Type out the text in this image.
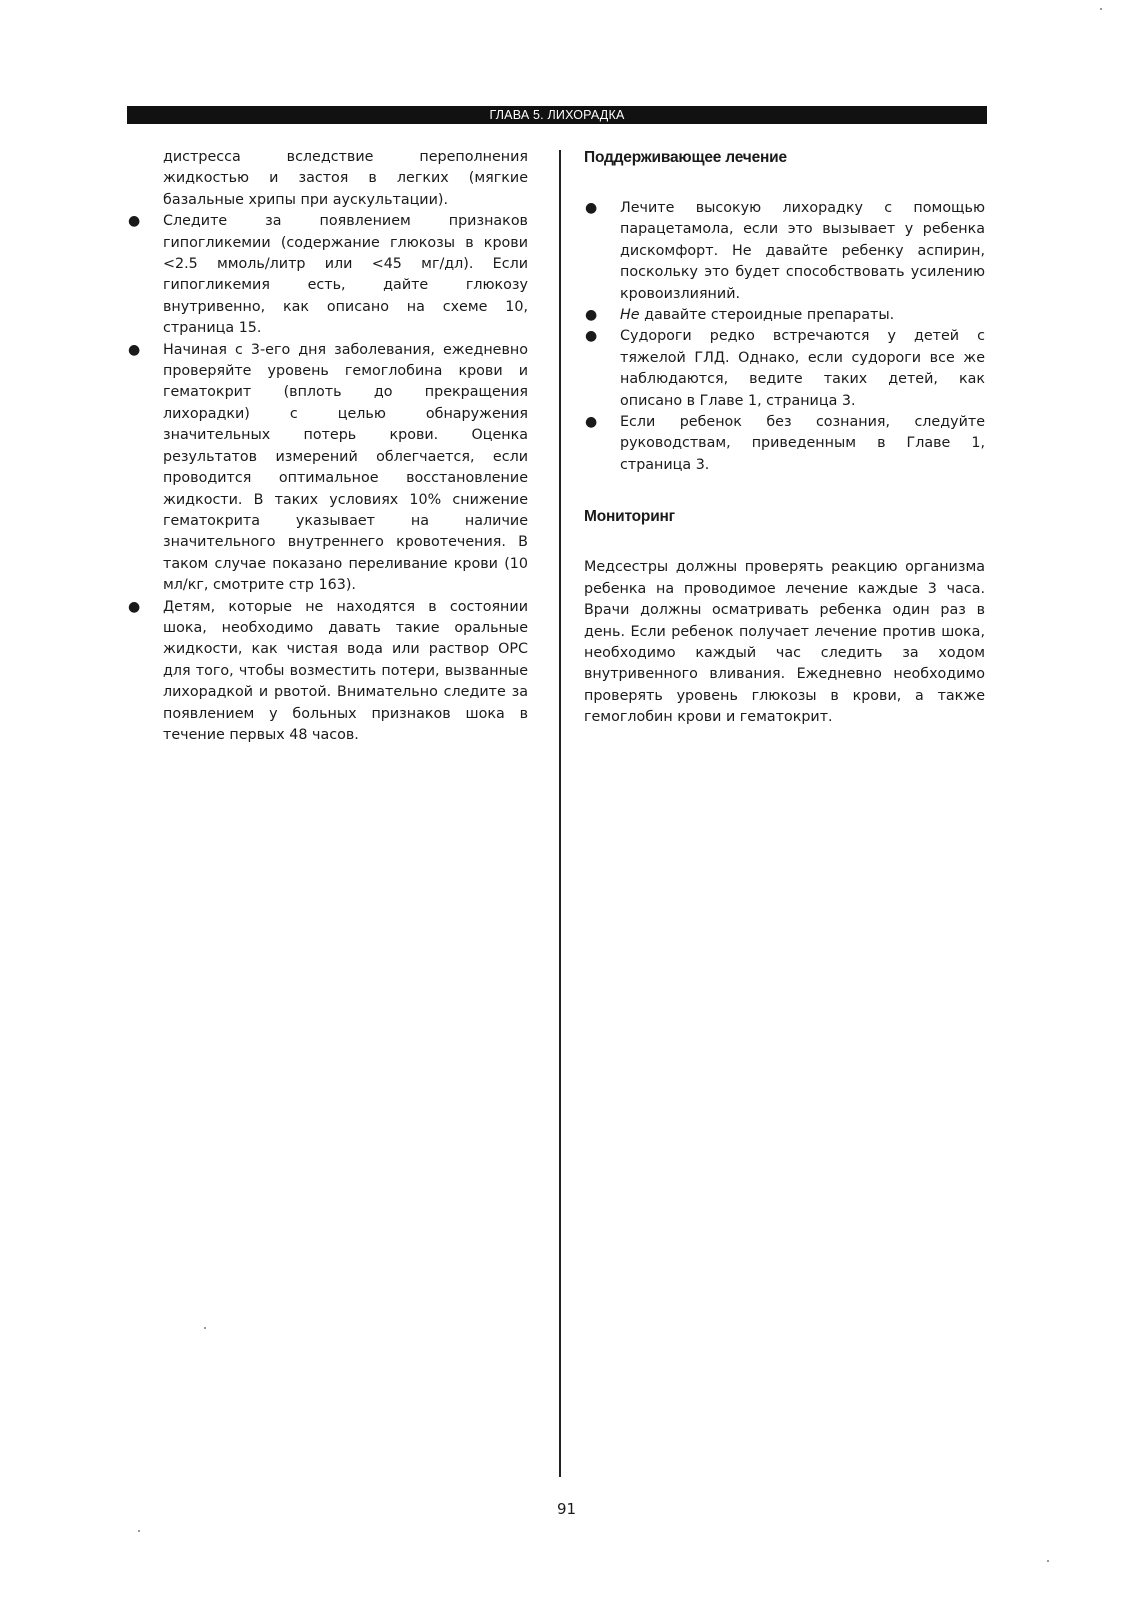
ГЛАВА 5. ЛИХОРАДКА

дистресса вследствие переполнения жидкостью и застоя в легких (мягкие базальные хрипы при аускультации).

● Следите за появлением признаков гипогликемии (содержание глюкозы в крови <2.5 ммоль/литр или <45 мг/дл). Если гипогликемия есть, дайте глюкозу внутривенно, как описано на схеме 10, страница 15.
● Начиная с 3-его дня заболевания, ежедневно проверяйте уровень гемоглобина крови и гематокрит (вплоть до прекращения лихорадки) с целью обнаружения значительных потерь крови. Оценка результатов измерений облегчается, если проводится оптимальное восстановление жидкости. В таких условиях 10% снижение гематокрита указывает на наличие значительного внутреннего кровотечения. В таком случае показано переливание крови (10 мл/кг, смотрите стр 163).
● Детям, которые не находятся в состоянии шока, необходимо давать такие оральные жидкости, как чистая вода или раствор ОРС для того, чтобы возместить потери, вызванные лихорадкой и рвотой. Внимательно следите за появлением у больных признаков шока в течение первых 48 часов.
Поддерживающее лечение
● Лечите высокую лихорадку с помощью парацетамола, если это вызывает у ребенка дискомфорт. Не давайте ребенку аспирин, поскольку это будет способствовать усилению кровоизлияний.
● Не давайте стероидные препараты.
● Судороги редко встречаются у детей с тяжелой ГЛД. Однако, если судороги все же наблюдаются, ведите таких детей, как описано в Главе 1, страница 3.
● Если ребенок без сознания, следуйте руководствам, приведенным в Главе 1, страница 3.
Мониторинг

Медсестры должны проверять реакцию организма ребенка на проводимое лечение каждые 3 часа. Врачи должны осматривать ребенка один раз в день. Если ребенок получает лечение против шока, необходимо каждый час следить за ходом внутривенного вливания. Ежедневно необходимо проверять уровень глюкозы в крови, а также гемоглобин крови и гематокрит.

91
